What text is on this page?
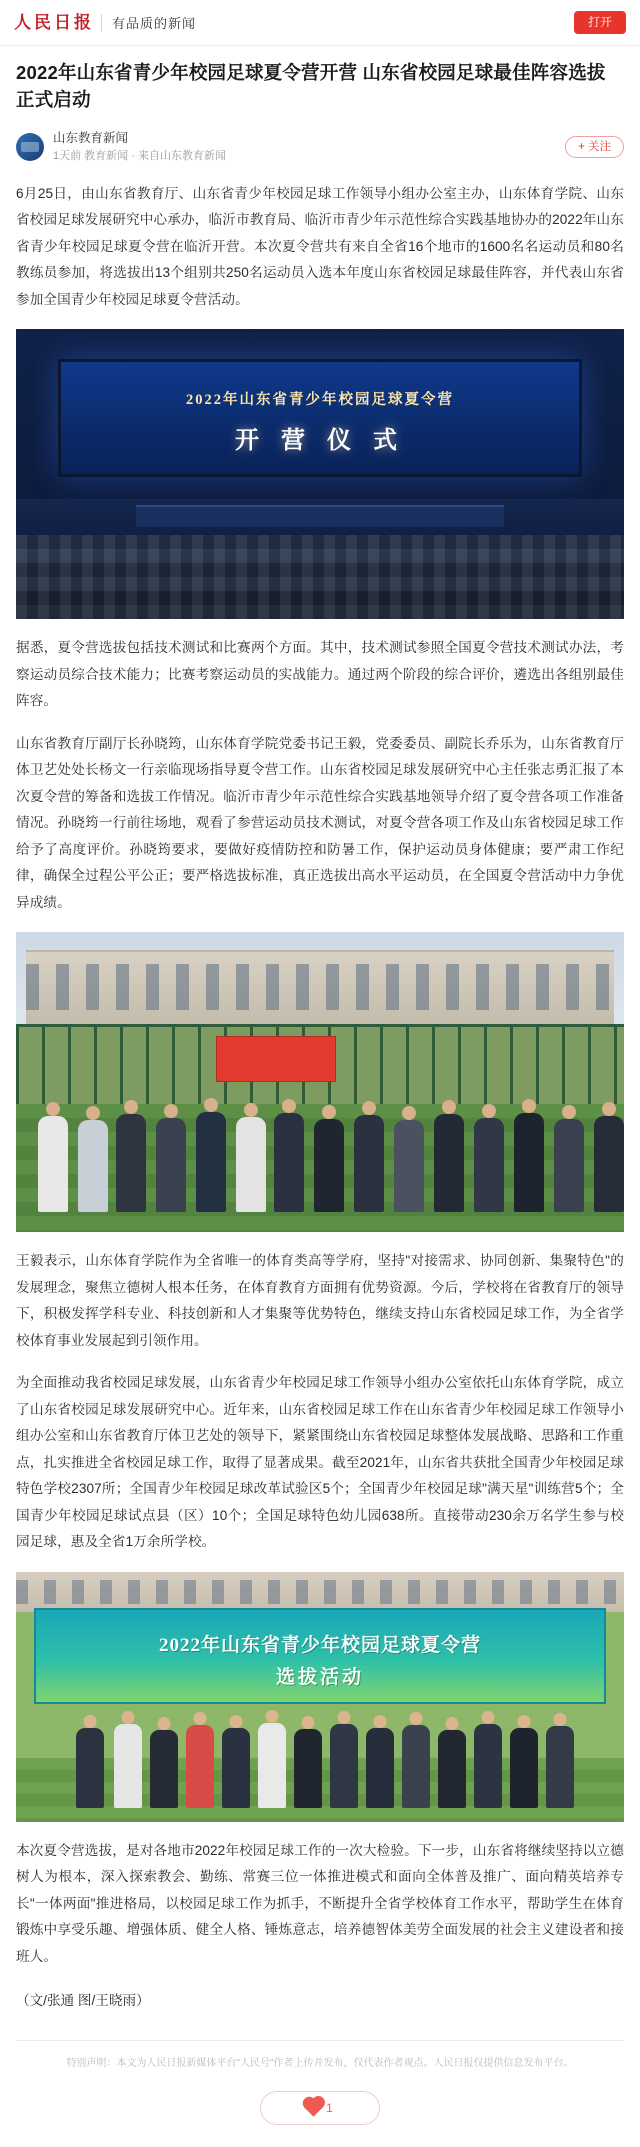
人 民 日 报 有品质的新闻	打开
2022年山东省青少年校园足球夏令营开营 山东省校园足球最佳阵容选拔正式启动
山东教育新闻
1天前 教育新闻 · 来自山东教育新闻
+ 关注

6月25日，由山东省教育厅、山东省青少年校园足球工作领导小组办公室主办，山东体育学院、山东省校园足球发展研究中心承办，临沂市教育局、临沂市青少年示范性综合实践基地协办的2022年山东省青少年校园足球夏令营在临沂开营。本次夏令营共有来自全省16个地市的1600名名运动员和80名教练员参加，将选拔出13个组别共250名运动员入选本年度山东省校园足球最佳阵容，并代表山东省参加全国青少年校园足球夏令营活动。

2022年山东省青少年校园足球夏令营
开 营 仪 式

据悉，夏令营选拔包括技术测试和比赛两个方面。其中，技术测试参照全国夏令营技术测试办法，考察运动员综合技术能力；比赛考察运动员的实战能力。通过两个阶段的综合评价，遴选出各组别最佳阵容。

山东省教育厅副厅长孙晓筠，山东体育学院党委书记王毅，党委委员、副院长乔乐为，山东省教育厅体卫艺处处长杨文一行亲临现场指导夏令营工作。山东省校园足球发展研究中心主任张志勇汇报了本次夏令营的筹备和选拔工作情况。临沂市青少年示范性综合实践基地领导介绍了夏令营各项工作准备情况。孙晓筠一行前往场地，观看了参营运动员技术测试，对夏令营各项工作及山东省校园足球工作给予了高度评价。孙晓筠要求，要做好疫情防控和防暑工作，保护运动员身体健康；要严肃工作纪律，确保全过程公平公正；要严格选拔标准，真正选拔出高水平运动员，在全国夏令营活动中力争优异成绩。

王毅表示，山东体育学院作为全省唯一的体育类高等学府，坚持"对接需求、协同创新、集聚特色"的发展理念，聚焦立德树人根本任务，在体育教育方面拥有优势资源。今后，学校将在省教育厅的领导下，积极发挥学科专业、科技创新和人才集聚等优势特色，继续支持山东省校园足球工作，为全省学校体育事业发展起到引领作用。

为全面推动我省校园足球发展，山东省青少年校园足球工作领导小组办公室依托山东体育学院，成立了山东省校园足球发展研究中心。近年来，山东省校园足球工作在山东省青少年校园足球工作领导小组办公室和山东省教育厅体卫艺处的领导下，紧紧围绕山东省校园足球整体发展战略、思路和工作重点，扎实推进全省校园足球工作，取得了显著成果。截至2021年，山东省共获批全国青少年校园足球特色学校2307所；全国青少年校园足球改革试验区5个；全国青少年校园足球"满天星"训练营5个；全国青少年校园足球试点县（区）10个；全国足球特色幼儿园638所。直接带动230余万名学生参与校园足球，惠及全省1万余所学校。

2022年山东省青少年校园足球夏令营
选拔活动

本次夏令营选拔，是对各地市2022年校园足球工作的一次大检验。下一步，山东省将继续坚持以立德树人为根本，深入探索教会、勤练、常赛三位一体推进模式和面向全体普及推广、面向精英培养专长"一体两面"推进格局，以校园足球工作为抓手，不断提升全省学校体育工作水平，帮助学生在体育锻炼中享受乐趣、增强体质、健全人格、锤炼意志，培养德智体美劳全面发展的社会主义建设者和接班人。

（文/张通 图/王晓雨）

特别声明：本文为人民日报新媒体平台"人民号"作者上传并发布，仅代表作者观点。人民日报仅提供信息发布平台。
1
